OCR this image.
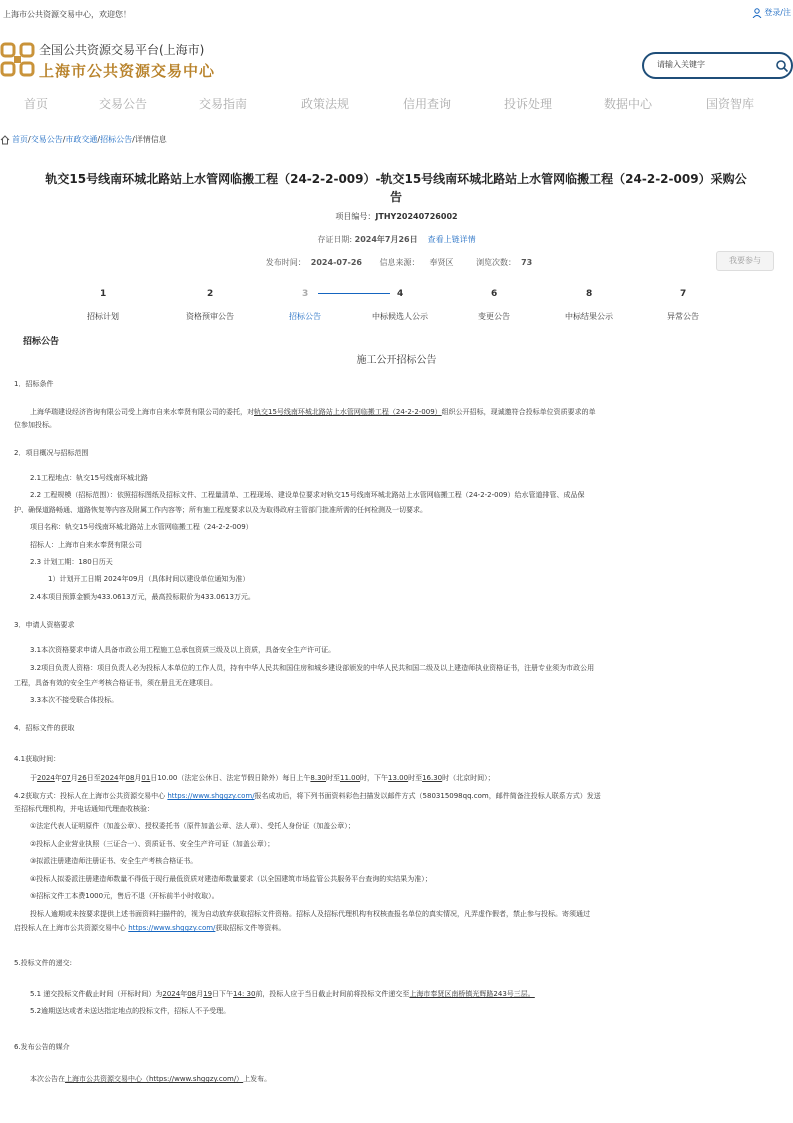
上海市公共资源交易中心，欢迎您！	登录/注
全国公共资源交易平台(上海市)
上海市公共资源交易中心
请输入关键字
首页	交易公告	交易指南	政策法规	信用查询	投诉处理	数据中心	国资智库
首页 / 交易公告 / 市政交通 / 招标公告 / 详情信息
轨交15号线南环城北路站上水管网临搬工程（24-2-2-009）-轨交15号线南环城北路站上水管网临搬工程（24-2-2-009）采购公告
项目编号：JTHY20240726002
存证日期: 2024年7月26日 查看上链详情
发布时间： 2024-07-26 信息来源： 奉贤区	浏览次数： 73	我要参与
1
招标计划
2
资格预审公告
3
招标公告
4
中标候选人公示
6
变更公告
8
中标结果公示
7
异常公告
招标公告
施工公开招标公告
1．招标条件
上海华瑞建设经济咨询有限公司受上海市自来水奉贤有限公司的委托，对轨交15号线南环城北路站上水管网临搬工程（24-2-2-009）组织公开招标，现诚邀符合投标单位资质要求的单
位参加投标。
2．项目概况与招标范围
2.1工程地点：轨交15号线南环城北路
2.2 工程规模（招标范围）：依照招标图纸及招标文件、工程量清单、工程现场、建设单位要求对轨交15号线南环城北路站上水管网临搬工程（24-2-2-009）给水管道排管、成品保
护、确保道路畅通、道路恢复等内容及附属工作内容等；所有施工程度要求以及为取得政府主管部门批准所需的任何检测及一切要求。
项目名称：轨交15号线南环城北路站上水管网临搬工程（24-2-2-009）
招标人：上海市自来水奉贤有限公司
2.3 计划工期：180日历天
1）计划开工日期 2024年09月（具体时间以建设单位通知为准）
2.4本项目预算金额为433.0613万元，最高投标限价为433.0613万元。
3．申请人资格要求
3.1本次资格要求申请人具备市政公用工程施工总承包资质三级及以上资质，具备安全生产许可证。
3.2项目负责人资格：项目负责人必为投标人本单位的工作人员，持有中华人民共和国住房和城乡建设部颁发的中华人民共和国二级及以上建造师执业资格证书，注册专业须为市政公用
工程，具备有效的安全生产考核合格证书，须在册且无在建项目。
3.3本次不接受联合体投标。
4．招标文件的获取
4.1获取时间：
于2024年07月26日至2024年08月01日10.00（法定公休日、法定节假日除外）每日上午8.30时至11.00时，下午13.00时至16.30时（北京时间）；
4.2获取方式：投标人在上海市公共资源交易中心 https://www.shggzy.com/报名成功后，将下列书面资料彩色扫描发以邮件方式（580315098qq.com，邮件简备注投标人联系方式）发送
至招标代理机构，并电话通知代理查收核验：
①法定代表人证明原件（加盖公章）、授权委托书（原件加盖公章、法人章）、受托人身份证（加盖公章）；
②投标人企业营业执照（三证合一）、资质证书、安全生产许可证（加盖公章）；
③拟派注册建造师注册证书、安全生产考核合格证书。
④投标人拟委派注册建造师数量不得低于现行最低资质对建造师数量要求（以全国建筑市场监管公共服务平台查询的实结果为准）；
⑤招标文件工本费1000元，售后不退（开标前半小时收取）。
投标人逾期或未按要求提供上述书面资料扫描件的，视为自动放弃获取招标文件资格。招标人及招标代理机构有权核查报名单位的真实情况，凡弄虚作假者，禁止参与投标。寄须通过
启投标人在上海市公共资源交易中心 https://www.shggzy.com/获取招标文件等资料。
5.投标文件的递交:
5.1 递交投标文件截止时间（开标时间）为2024年08月19日下午14: 30前，投标人应于当日截止时间前将投标文件递交至上海市奉贤区南桥镇光辉路243号三层。
5.2逾期送达或者未送达指定地点的投标文件，招标人不予受理。
6.发布公告的媒介
本次公告在上海市公共资源交易中心（https://www.shggzy.com/）上发布。
